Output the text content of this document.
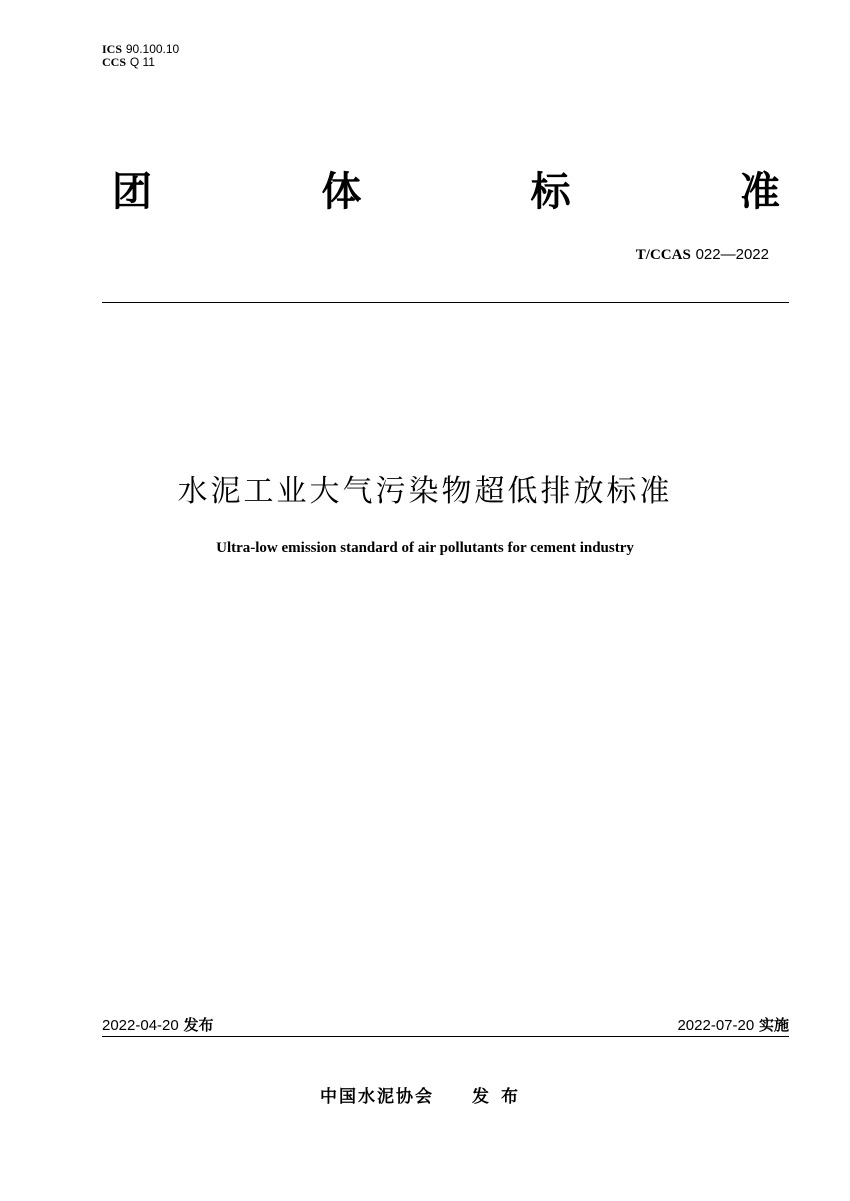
ICS 90.100.10
CCS Q 11
团	体	标	准
T/CCAS 022—2022
水泥工业大气污染物超低排放标准
Ultra-low emission standard of air pollutants for cement industry
2022-04-20 发布	2022-07-20 实施
中国水泥协会 发布
